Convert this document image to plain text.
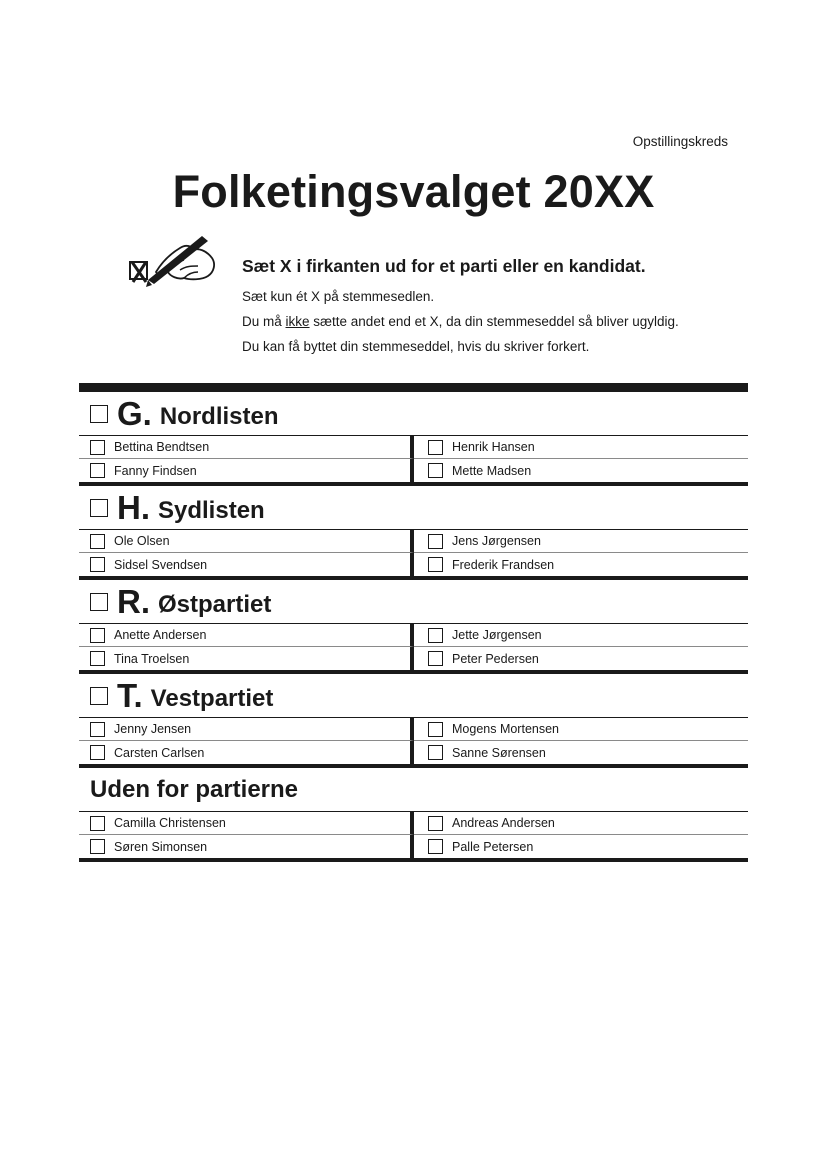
Opstillingskreds
Folketingsvalget 20XX
Sæt X i firkanten ud for et parti eller en kandidat.
Sæt kun ét X på stemmesedlen.
Du må ikke sætte andet end et X, da din stemmeseddel så bliver ugyldig.
Du kan få byttet din stemmeseddel, hvis du skriver forkert.
G. Nordlisten
Bettina Bendtsen	Henrik Hansen
Fanny Findsen	Mette Madsen
H. Sydlisten
Ole Olsen	Jens Jørgensen
Sidsel Svendsen	Frederik Frandsen
R. Østpartiet
Anette Andersen	Jette Jørgensen
Tina Troelsen	Peter Pedersen
T. Vestpartiet
Jenny Jensen	Mogens Mortensen
Carsten Carlsen	Sanne Sørensen
Uden for partierne
Camilla Christensen	Andreas Andersen
Søren Simonsen	Palle Petersen
